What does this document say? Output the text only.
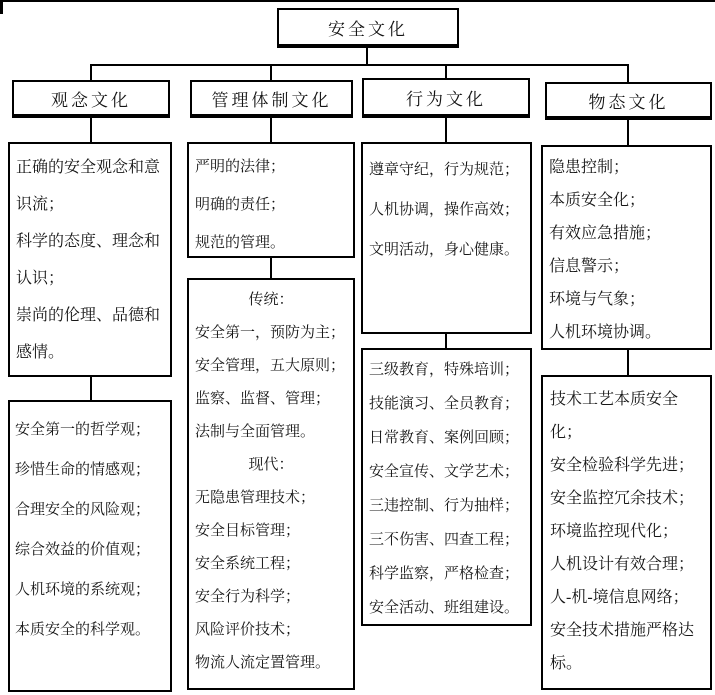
安全文化
观念文化	管理体制文化	行为文化	物态文化
正确的安全观念和意识流；
科学的态度、理念和认识；
崇尚的伦理、品德和感情。
安全第一的哲学观；
珍惜生命的情感观；
合理安全的风险观；
综合效益的价值观；
人机环境的系统观；
本质安全的科学观。
严明的法律；
明确的责任；
规范的管理。
传统：
安全第一，预防为主；
安全管理，五大原则；
监察、监督、管理；
法制与全面管理。
现代：
无隐患管理技术；
安全目标管理；
安全系统工程；
安全行为科学；
风险评价技术；
物流人流定置管理。
遵章守纪，行为规范；
人机协调，操作高效；
文明活动，身心健康。
三级教育，特殊培训；
技能演习、全员教育；
日常教育、案例回顾；
安全宣传、文学艺术；
三违控制、行为抽样；
三不伤害、四查工程；
科学监察，严格检查；
安全活动、班组建设。
隐患控制；
本质安全化；
有效应急措施；
信息警示；
环境与气象；
人机环境协调。
技术工艺本质安全化；
安全检验科学先进；
安全监控冗余技术；
环境监控现代化；
人机设计有效合理；
人-机-境信息网络；
安全技术措施严格达标。
